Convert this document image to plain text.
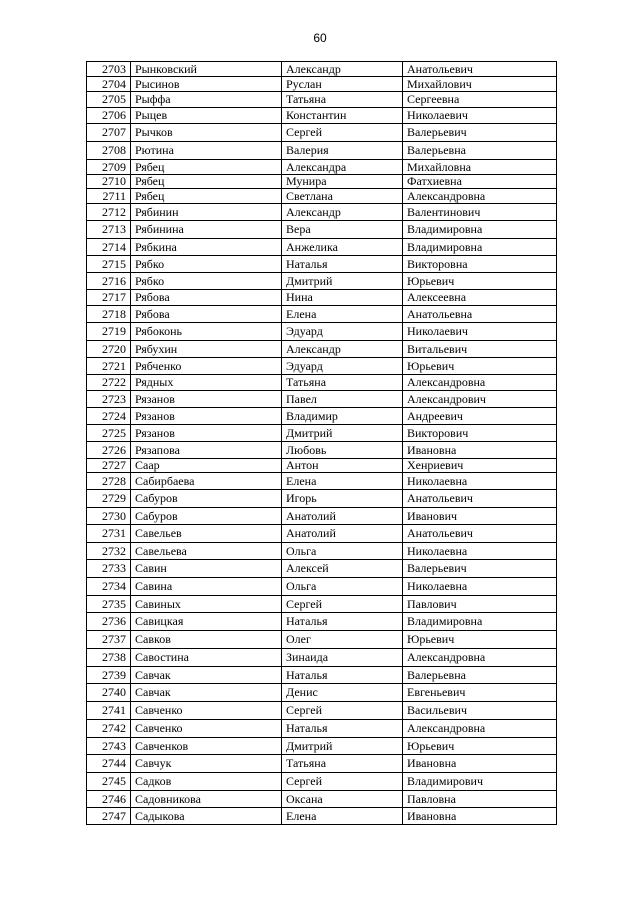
60
2703	Рынковский	Александр	Анатольевич
2704	Рысинов	Руслан	Михайлович
2705	Рыффа	Татьяна	Сергеевна
2706	Рыцев	Константин	Николаевич
2707	Рычков	Сергей	Валерьевич
2708	Рютина	Валерия	Валерьевна
2709	Рябец	Александра	Михайловна
2710	Рябец	Мунира	Фатхиевна
2711	Рябец	Светлана	Александровна
2712	Рябинин	Александр	Валентинович
2713	Рябинина	Вера	Владимировна
2714	Рябкина	Анжелика	Владимировна
2715	Рябко	Наталья	Викторовна
2716	Рябко	Дмитрий	Юрьевич
2717	Рябова	Нина	Алексеевна
2718	Рябова	Елена	Анатольевна
2719	Рябоконь	Эдуард	Николаевич
2720	Рябухин	Александр	Витальевич
2721	Рябченко	Эдуард	Юрьевич
2722	Рядных	Татьяна	Александровна
2723	Рязанов	Павел	Александрович
2724	Рязанов	Владимир	Андреевич
2725	Рязанов	Дмитрий	Викторович
2726	Рязапова	Любовь	Ивановна
2727	Саар	Антон	Хенриевич
2728	Сабирбаева	Елена	Николаевна
2729	Сабуров	Игорь	Анатольевич
2730	Сабуров	Анатолий	Иванович
2731	Савельев	Анатолий	Анатольевич
2732	Савельева	Ольга	Николаевна
2733	Савин	Алексей	Валерьевич
2734	Савина	Ольга	Николаевна
2735	Савиных	Сергей	Павлович
2736	Савицкая	Наталья	Владимировна
2737	Савков	Олег	Юрьевич
2738	Савостина	Зинаида	Александровна
2739	Савчак	Наталья	Валерьевна
2740	Савчак	Денис	Евгеньевич
2741	Савченко	Сергей	Васильевич
2742	Савченко	Наталья	Александровна
2743	Савченков	Дмитрий	Юрьевич
2744	Савчук	Татьяна	Ивановна
2745	Садков	Сергей	Владимирович
2746	Садовникова	Оксана	Павловна
2747	Садыкова	Елена	Ивановна
